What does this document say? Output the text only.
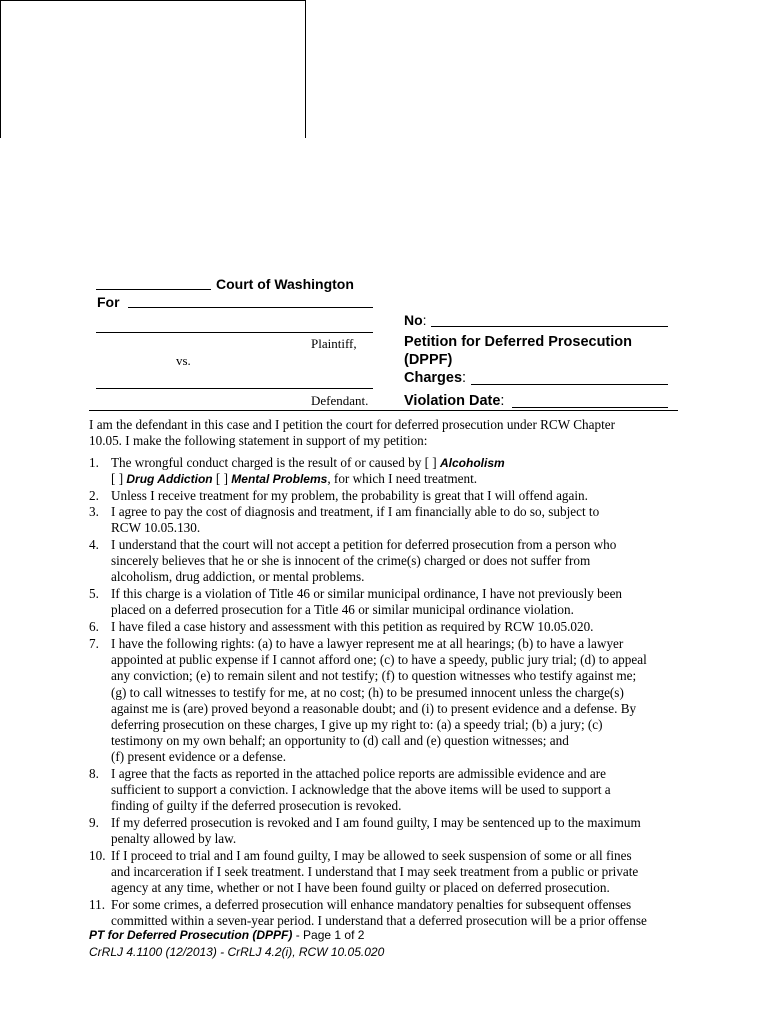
Court of Washington
For
Plaintiff,
vs.
Defendant.
No:
Petition for Deferred Prosecution
(DPPF)
Charges:
Violation Date:
I am the defendant in this case and I petition the court for deferred prosecution under RCW Chapter
10.05. I make the following statement in support of my petition:
1. The wrongful conduct charged is the result of or caused by [ ] Alcoholism
[ ] Drug Addiction [ ] Mental Problems, for which I need treatment.
2. Unless I receive treatment for my problem, the probability is great that I will offend again.
3. I agree to pay the cost of diagnosis and treatment, if I am financially able to do so, subject to
RCW 10.05.130.
4. I understand that the court will not accept a petition for deferred prosecution from a person who
sincerely believes that he or she is innocent of the crime(s) charged or does not suffer from
alcoholism, drug addiction, or mental problems.
5. If this charge is a violation of Title 46 or similar municipal ordinance, I have not previously been
placed on a deferred prosecution for a Title 46 or similar municipal ordinance violation.
6. I have filed a case history and assessment with this petition as required by RCW 10.05.020.
7. I have the following rights: (a) to have a lawyer represent me at all hearings; (b) to have a lawyer
appointed at public expense if I cannot afford one; (c) to have a speedy, public jury trial; (d) to appeal
any conviction; (e) to remain silent and not testify; (f) to question witnesses who testify against me;
(g) to call witnesses to testify for me, at no cost; (h) to be presumed innocent unless the charge(s)
against me is (are) proved beyond a reasonable doubt; and (i) to present evidence and a defense. By
deferring prosecution on these charges, I give up my right to: (a) a speedy trial; (b) a jury; (c)
testimony on my own behalf; an opportunity to (d) call and (e) question witnesses; and
(f) present evidence or a defense.
8. I agree that the facts as reported in the attached police reports are admissible evidence and are
sufficient to support a conviction. I acknowledge that the above items will be used to support a
finding of guilty if the deferred prosecution is revoked.
9. If my deferred prosecution is revoked and I am found guilty, I may be sentenced up to the maximum
penalty allowed by law.
10. If I proceed to trial and I am found guilty, I may be allowed to seek suspension of some or all fines
and incarceration if I seek treatment. I understand that I may seek treatment from a public or private
agency at any time, whether or not I have been found guilty or placed on deferred prosecution.
11. For some crimes, a deferred prosecution will enhance mandatory penalties for subsequent offenses
committed within a seven-year period. I understand that a deferred prosecution will be a prior offense
PT for Deferred Prosecution (DPPF) - Page 1 of 2
CrRLJ 4.1100 (12/2013) - CrRLJ 4.2(i), RCW 10.05.020
